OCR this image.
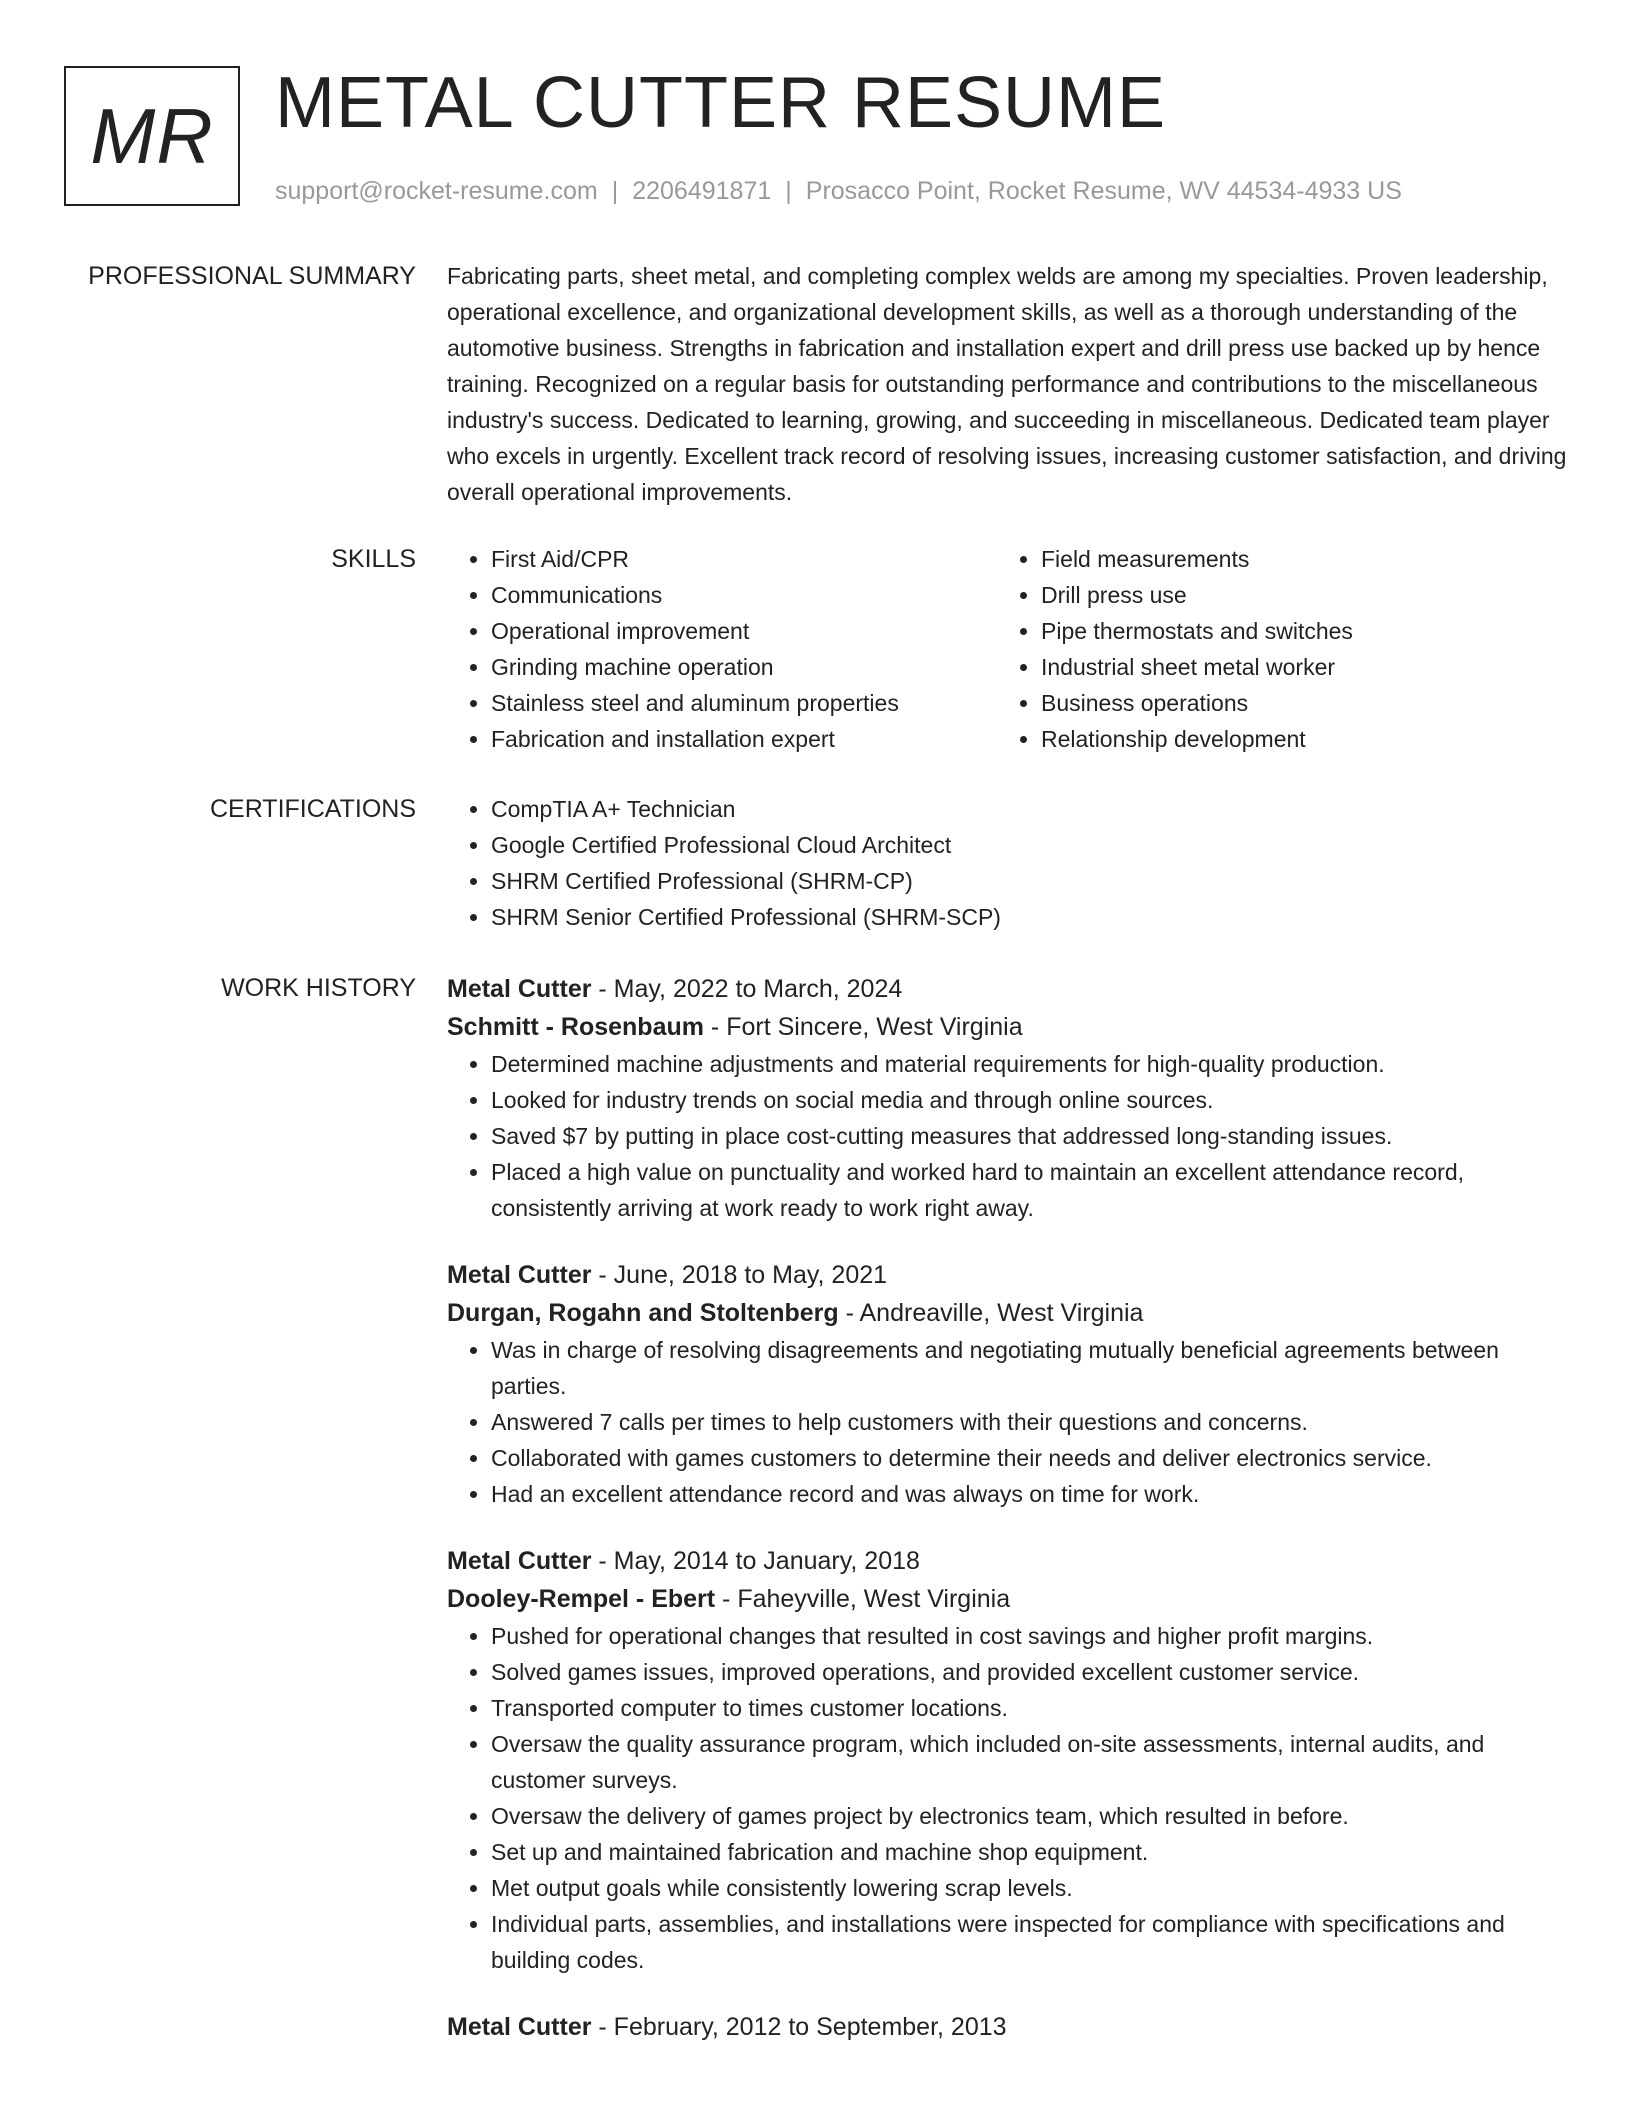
MR METAL CUTTER RESUME
support@rocket-resume.com | 2206491871 | Prosacco Point, Rocket Resume, WV 44534-4933 US
PROFESSIONAL SUMMARY Fabricating parts, sheet metal, and completing complex welds are among my specialties. Proven leadership, operational excellence, and organizational development skills, as well as a thorough understanding of the automotive business. Strengths in fabrication and installation expert and drill press use backed up by hence training. Recognized on a regular basis for outstanding performance and contributions to the miscellaneous industry's success. Dedicated to learning, growing, and succeeding in miscellaneous. Dedicated team player who excels in urgently. Excellent track record of resolving issues, increasing customer satisfaction, and driving overall operational improvements.

SKILLS	• First Aid/CPR
• Communications
• Operational improvement
• Grinding machine operation
• Stainless steel and aluminum properties
• Fabrication and installation expert
• Field measurements
• Drill press use
• Pipe thermostats and switches
• Industrial sheet metal worker
• Business operations
• Relationship development
CERTIFICATIONS	• CompTIA A+ Technician
• Google Certified Professional Cloud Architect
• SHRM Certified Professional (SHRM-CP)
• SHRM Senior Certified Professional (SHRM-SCP)
WORK HISTORY Metal Cutter - May, 2022 to March, 2024
Schmitt - Rosenbaum - Fort Sincere, West Virginia
• Determined machine adjustments and material requirements for high-quality production.
• Looked for industry trends on social media and through online sources.
• Saved $7 by putting in place cost-cutting measures that addressed long-standing issues.
• Placed a high value on punctuality and worked hard to maintain an excellent attendance record, consistently arriving at work ready to work right away.
Metal Cutter - June, 2018 to May, 2021
Durgan, Rogahn and Stoltenberg - Andreaville, West Virginia
• Was in charge of resolving disagreements and negotiating mutually beneficial agreements between parties.
• Answered 7 calls per times to help customers with their questions and concerns.
• Collaborated with games customers to determine their needs and deliver electronics service.
• Had an excellent attendance record and was always on time for work.
Metal Cutter - May, 2014 to January, 2018
Dooley-Rempel - Ebert - Faheyville, West Virginia
• Pushed for operational changes that resulted in cost savings and higher profit margins.
• Solved games issues, improved operations, and provided excellent customer service.
• Transported computer to times customer locations.
• Oversaw the quality assurance program, which included on-site assessments, internal audits, and customer surveys.
• Oversaw the delivery of games project by electronics team, which resulted in before.
• Set up and maintained fabrication and machine shop equipment.
• Met output goals while consistently lowering scrap levels.
• Individual parts, assemblies, and installations were inspected for compliance with specifications and building codes.
Metal Cutter - February, 2012 to September, 2013
